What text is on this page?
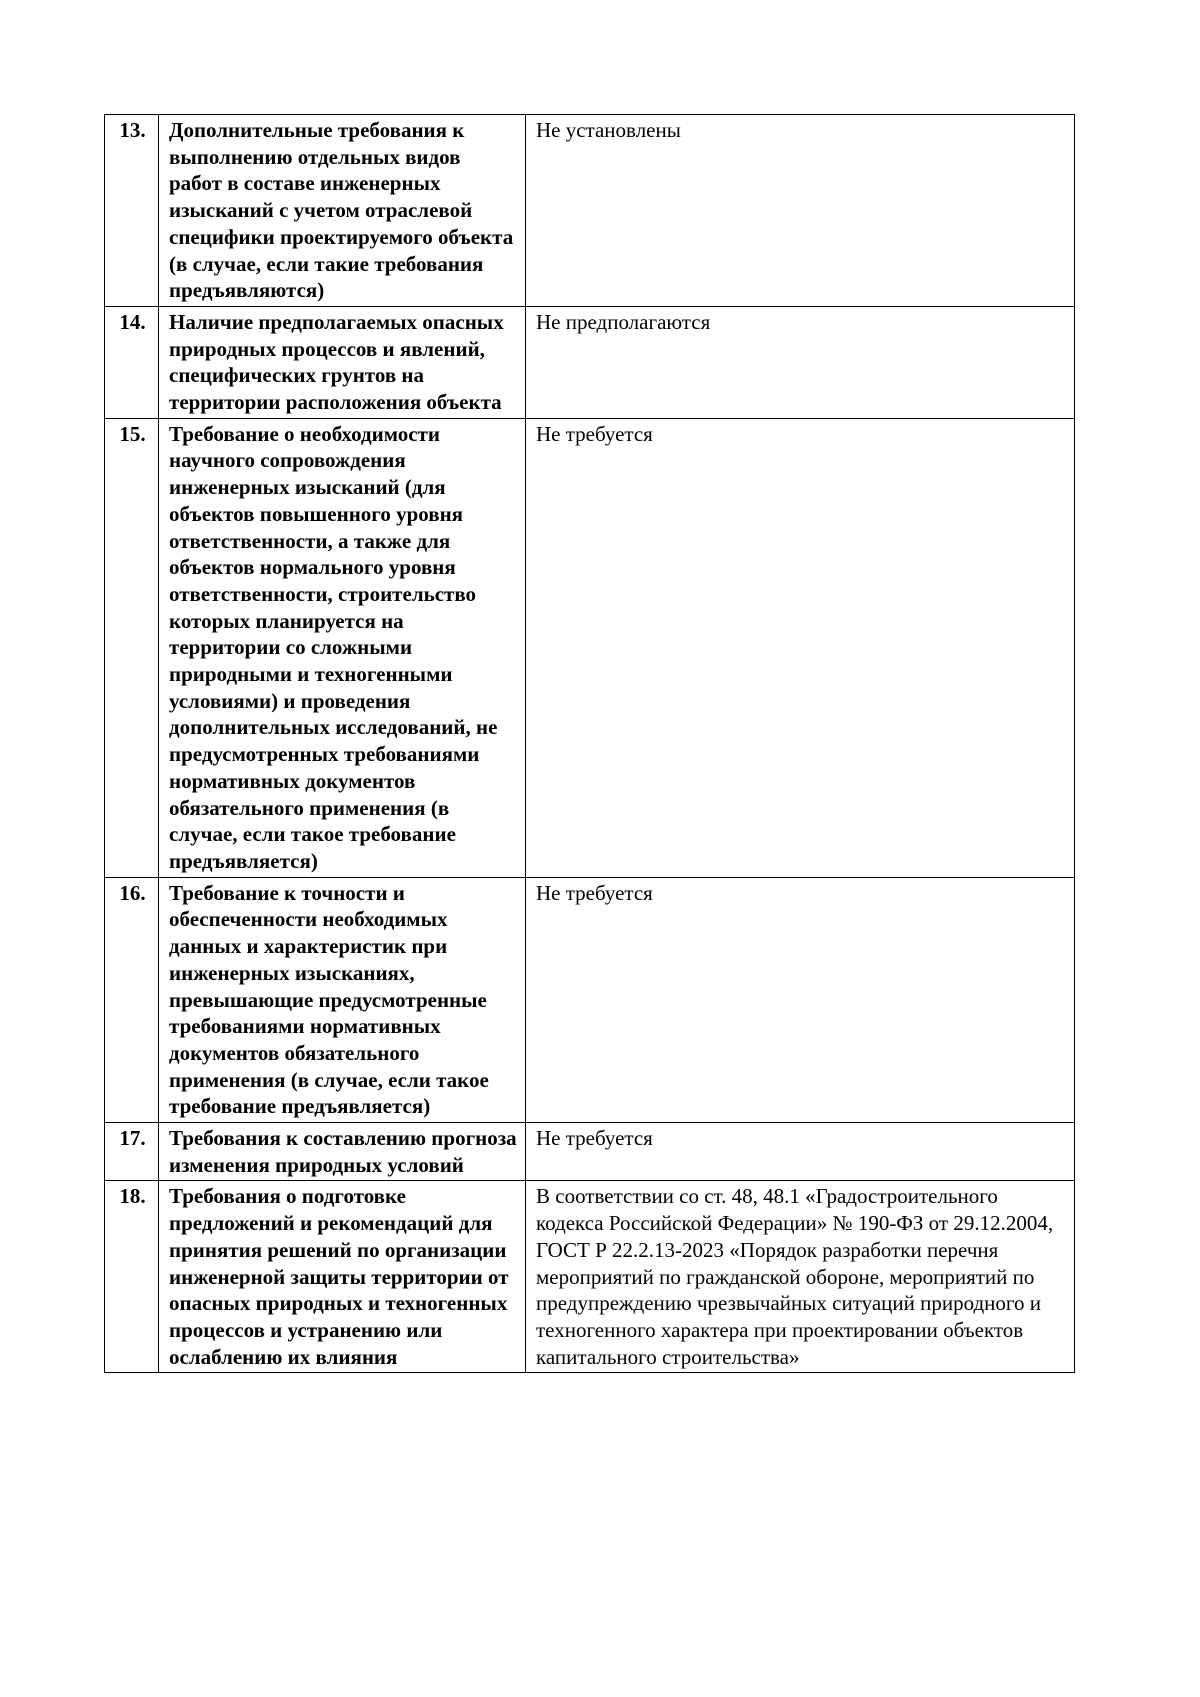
13.	Дополнительные требования к выполнению отдельных видов работ в составе инженерных изысканий с учетом отраслевой специфики проектируемого объекта (в случае, если такие требования предъявляются)	Не установлены
14.	Наличие предполагаемых опасных природных процессов и явлений, специфических грунтов на территории расположения объекта	Не предполагаются
15.	Требование о необходимости научного сопровождения инженерных изысканий (для объектов повышенного уровня ответственности, а также для объектов нормального уровня ответственности, строительство которых планируется на территории со сложными природными и техногенными условиями) и проведения дополнительных исследований, не предусмотренных требованиями нормативных документов обязательного применения (в случае, если такое требование предъявляется)	Не требуется
16.	Требование к точности и обеспеченности необходимых данных и характеристик при инженерных изысканиях, превышающие предусмотренные требованиями нормативных документов обязательного применения (в случае, если такое требование предъявляется)	Не требуется
17.	Требования к составлению прогноза изменения природных условий	Не требуется
18.	Требования о подготовке предложений и рекомендаций для принятия решений по организации инженерной защиты территории от опасных природных и техногенных процессов и устранению или ослаблению их влияния	В соответствии со ст. 48, 48.1 «Градостроительного кодекса Российской Федерации» № 190-ФЗ от 29.12.2004, ГОСТ Р 22.2.13-2023 «Порядок разработки перечня мероприятий по гражданской обороне, мероприятий по предупреждению чрезвычайных ситуаций природного и техногенного характера при проектировании объектов капитального строительства»
